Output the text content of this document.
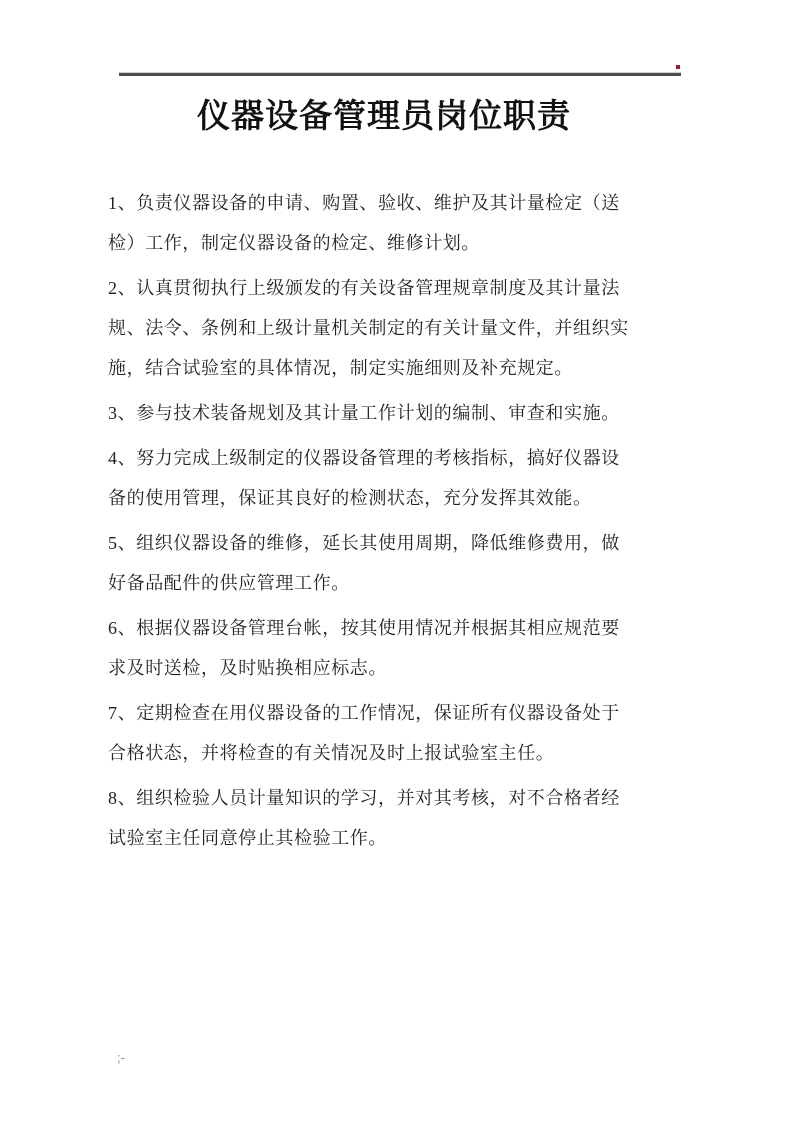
仪器设备管理员岗位职责
1、负责仪器设备的申请、购置、验收、维护及其计量检定（送
检）工作，制定仪器设备的检定、维修计划。
2、认真贯彻执行上级颁发的有关设备管理规章制度及其计量法
规、法令、条例和上级计量机关制定的有关计量文件，并组织实
施，结合试验室的具体情况，制定实施细则及补充规定。
3、参与技术装备规划及其计量工作计划的编制、审查和实施。
4、努力完成上级制定的仪器设备管理的考核指标，搞好仪器设
备的使用管理，保证其良好的检测状态，充分发挥其效能。
5、组织仪器设备的维修，延长其使用周期，降低维修费用，做
好备品配件的供应管理工作。
6、根据仪器设备管理台帐，按其使用情况并根据其相应规范要
求及时送检，及时贴换相应标志。
7、定期检查在用仪器设备的工作情况，保证所有仪器设备处于
合格状态，并将检查的有关情况及时上报试验室主任。
8、组织检验人员计量知识的学习，并对其考核，对不合格者经
试验室主任同意停止其检验工作。
;-
